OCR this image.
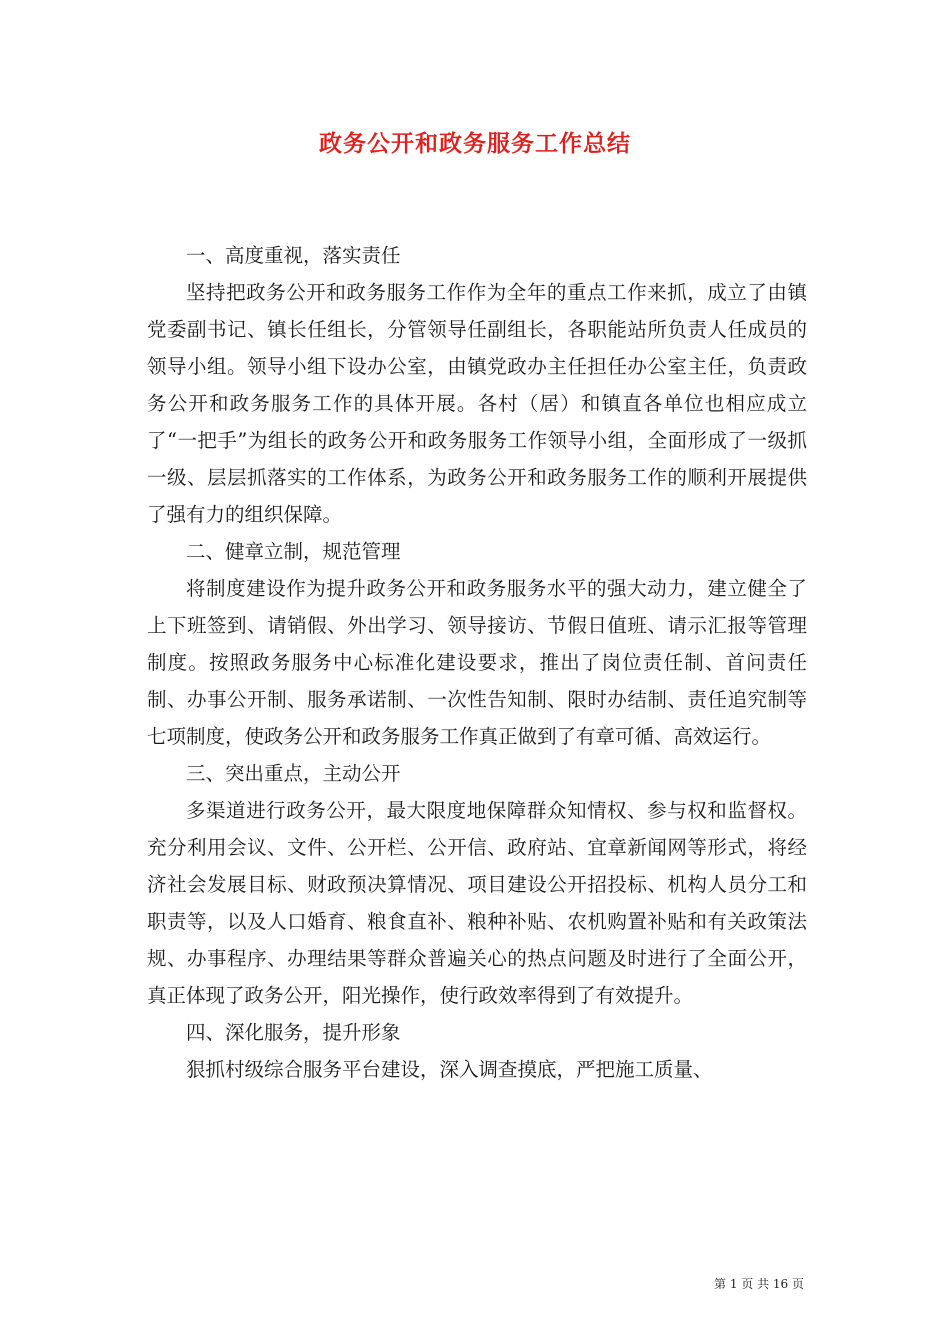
政务公开和政务服务工作总结

一、高度重视，落实责任

坚持把政务公开和政务服务工作作为全年的重点工作来抓，成立了由镇党委副书记、镇长任组长，分管领导任副组长，各职能站所负责人任成员的领导小组。领导小组下设办公室，由镇党政办主任担任办公室主任，负责政务公开和政务服务工作的具体开展。各村（居）和镇直各单位也相应成立了“一把手”为组长的政务公开和政务服务工作领导小组，全面形成了一级抓一级、层层抓落实的工作体系，为政务公开和政务服务工作的顺利开展提供了强有力的组织保障。

二、健章立制，规范管理

将制度建设作为提升政务公开和政务服务水平的强大动力，建立健全了上下班签到、请销假、外出学习、领导接访、节假日值班、请示汇报等管理制度。按照政务服务中心标准化建设要求，推出了岗位责任制、首问责任制、办事公开制、服务承诺制、一次性告知制、限时办结制、责任追究制等七项制度，使政务公开和政务服务工作真正做到了有章可循、高效运行。

三、突出重点，主动公开

多渠道进行政务公开，最大限度地保障群众知情权、参与权和监督权。充分利用会议、文件、公开栏、公开信、政府站、宜章新闻网等形式，将经济社会发展目标、财政预决算情况、项目建设公开招投标、机构人员分工和职责等，以及人口婚育、粮食直补、粮种补贴、农机购置补贴和有关政策法规、办事程序、办理结果等群众普遍关心的热点问题及时进行了全面公开，真正体现了政务公开，阳光操作，使行政效率得到了有效提升。

四、深化服务，提升形象

狠抓村级综合服务平台建设，深入调查摸底，严把施工质量、

第 1 页 共 16 页
